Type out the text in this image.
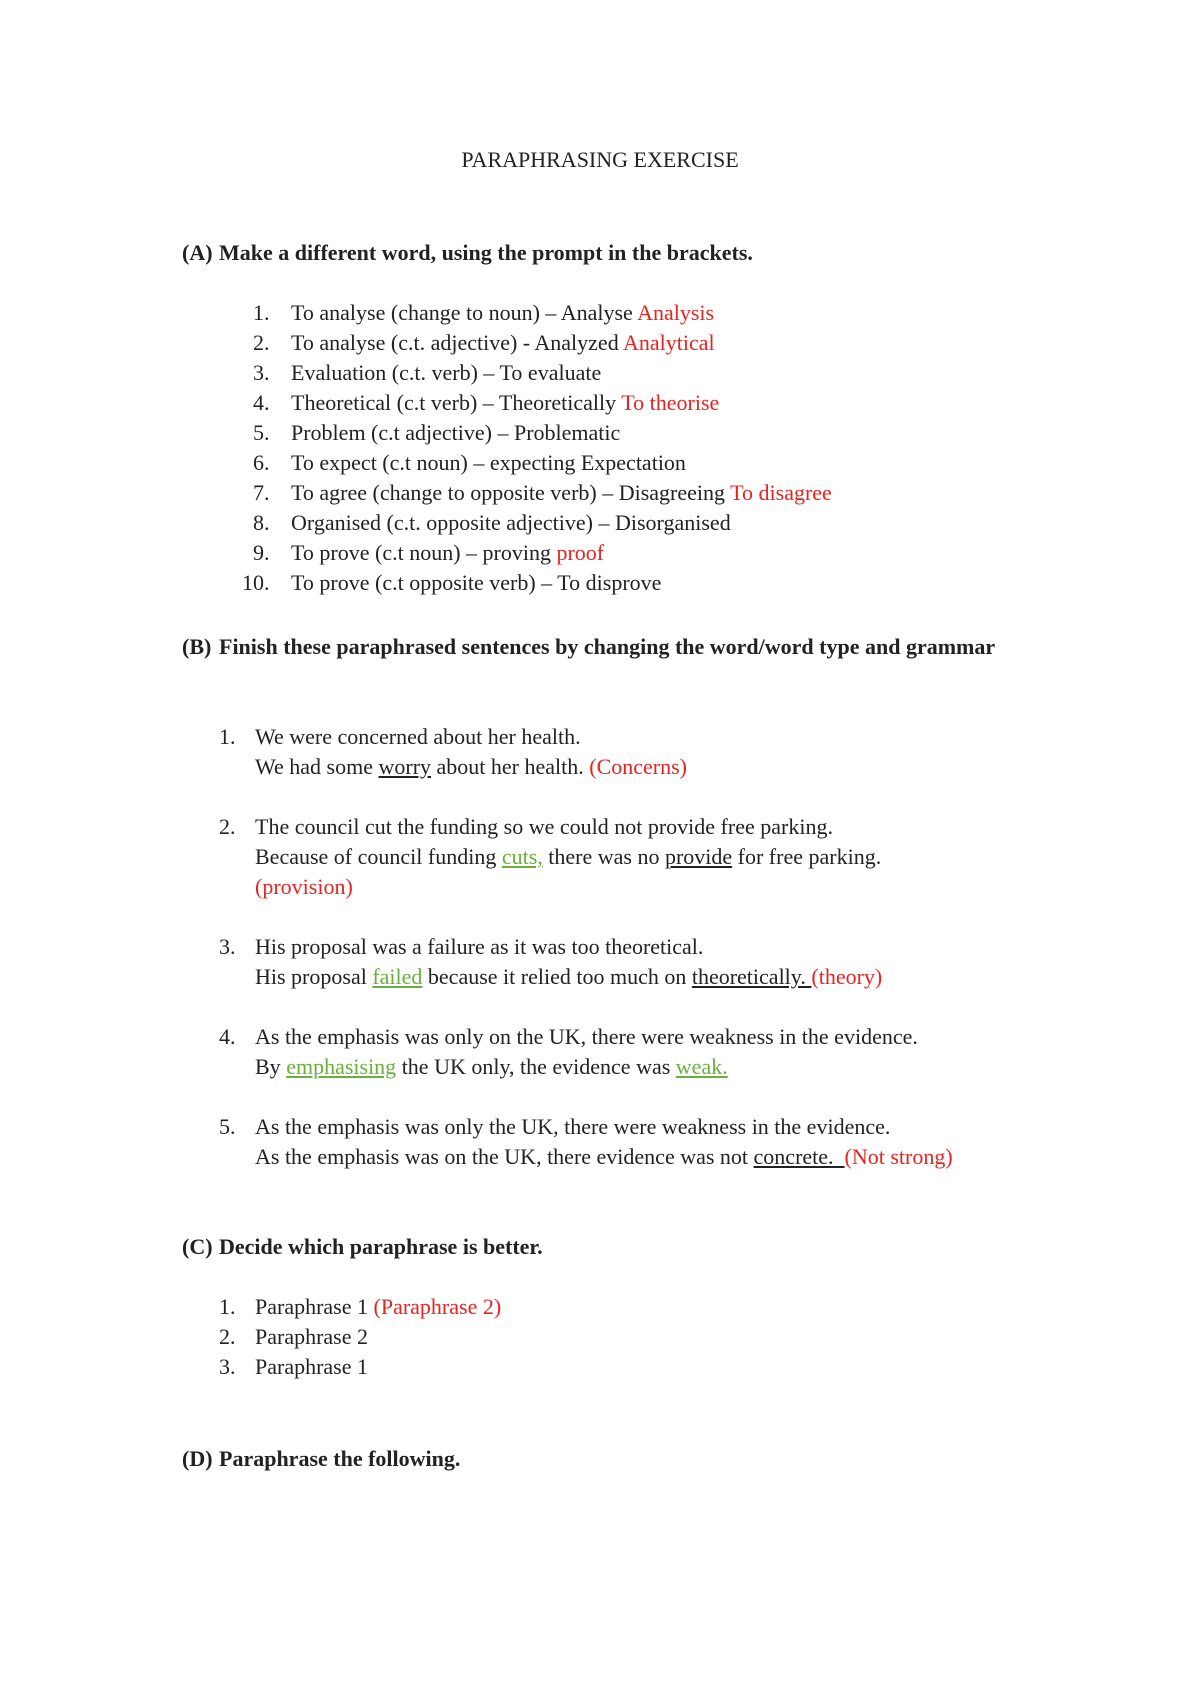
PARAPHRASING EXERCISE
(A) Make a different word, using the prompt in the brackets.
1. To analyse (change to noun) – Analyse Analysis
2. To analyse (c.t. adjective) - Analyzed Analytical
3. Evaluation (c.t. verb) – To evaluate
4. Theoretical (c.t verb) – Theoretically To theorise
5. Problem (c.t adjective) – Problematic
6. To expect (c.t noun) – expecting Expectation
7. To agree (change to opposite verb) – Disagreeing To disagree
8. Organised (c.t. opposite adjective) – Disorganised
9. To prove (c.t noun) – proving proof
10. To prove (c.t opposite verb) – To disprove
(B) Finish these paraphrased sentences by changing the word/word type and grammar
1. We were concerned about her health.
We had some worry about her health. (Concerns)
2. The council cut the funding so we could not provide free parking.
Because of council funding cuts, there was no provide for free parking.
(provision)
3. His proposal was a failure as it was too theoretical.
His proposal failed because it relied too much on theoretically. (theory)
4. As the emphasis was only on the UK, there were weakness in the evidence.
By emphasising the UK only, the evidence was weak.
5. As the emphasis was only the UK, there were weakness in the evidence.
As the emphasis was on the UK, there evidence was not concrete.  (Not strong)
(C) Decide which paraphrase is better.
1. Paraphrase 1 (Paraphrase 2)
2. Paraphrase 2
3. Paraphrase 1
(D) Paraphrase the following.
